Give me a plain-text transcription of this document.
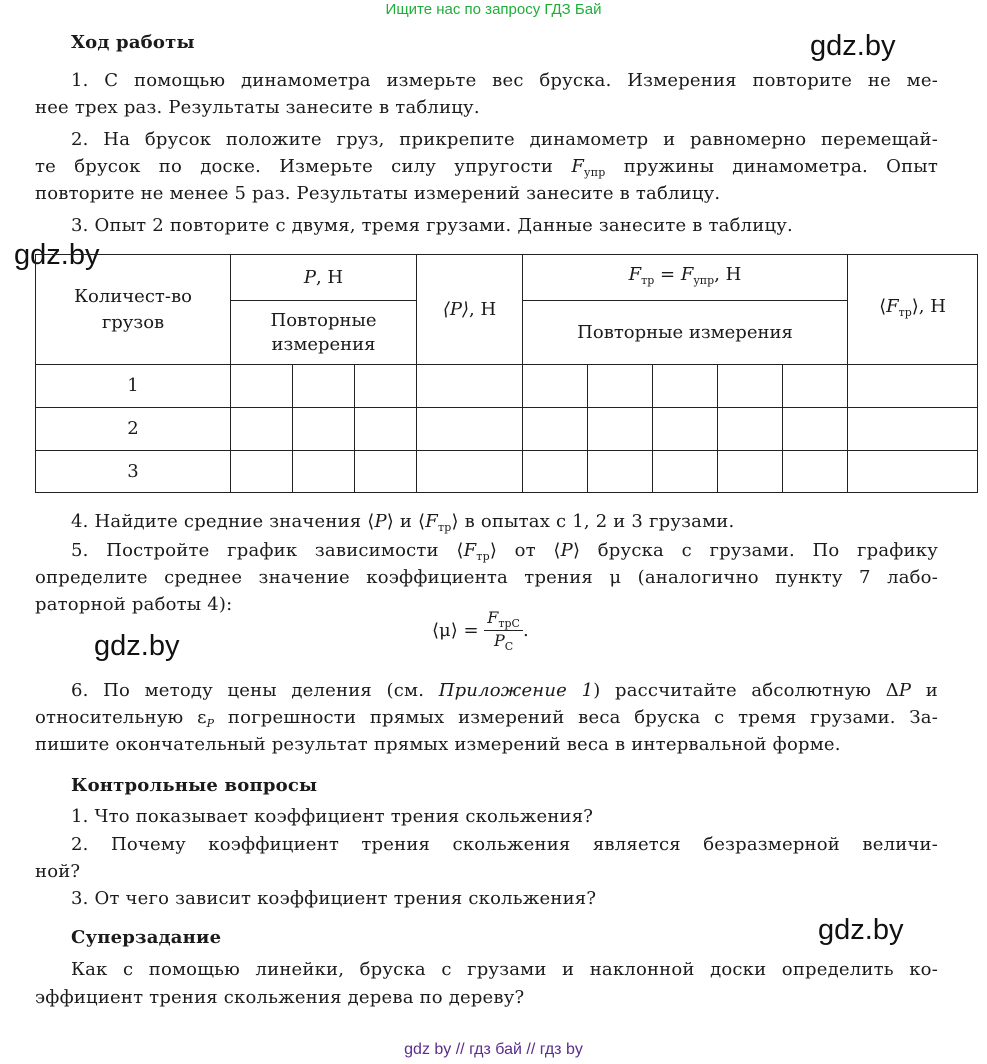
Ищите нас по запросу ГДЗ Бай
gdz.by
gdz.by
gdz.by
gdz.by
Ход работы
1. С помощью динамометра измерьте вес бруска. Измерения повторите не ме-
нее трех раз. Результаты занесите в таблицу.
2. На брусок положите груз, прикрепите динамометр и равномерно перемещай-
те брусок по доске. Измерьте силу упругости $F_{упр}$ пружины динамометра. Опыт
повторите не менее 5 раз. Результаты измерений занесите в таблицу.
3. Опыт 2 повторите с двумя, тремя грузами. Данные занесите в таблицу.
Количест-во грузов	P, Н			⟨P⟩, Н	$F_{тр} = F_{упр}$, Н					$⟨F_{тр}⟩$, Н
	Повторные измерения				Повторные измерения					
1										
2										
3										
4. Найдите средние значения ⟨P⟩ и $⟨F_{тр}⟩$ в опытах с 1, 2 и 3 грузами.
5. Постройте график зависимости $⟨F_{тр}⟩$ от ⟨P⟩ бруска с грузами. По графику
определите среднее значение коэффициента трения μ (аналогично пункту 7 лабо-
раторной работы 4):
⟨μ⟩ = $\frac{F_{трC}}{P_C}$ .
6. По методу цены деления (см. Приложение 1) рассчитайте абсолютную ΔP и
относительную $\varepsilon_P$ погрешности прямых измерений веса бруска с тремя грузами. За-
пишите окончательный результат прямых измерений веса в интервальной форме.
Контрольные вопросы
1. Что показывает коэффициент трения скольжения?
2. Почему коэффициент трения скольжения является безразмерной величи-
ной?
3. От чего зависит коэффициент трения скольжения?
Суперзадание
Как с помощью линейки, бруска с грузами и наклонной доски определить ко-
эффициент трения скольжения дерева по дереву?
gdz by // гдз бай // гдз by
